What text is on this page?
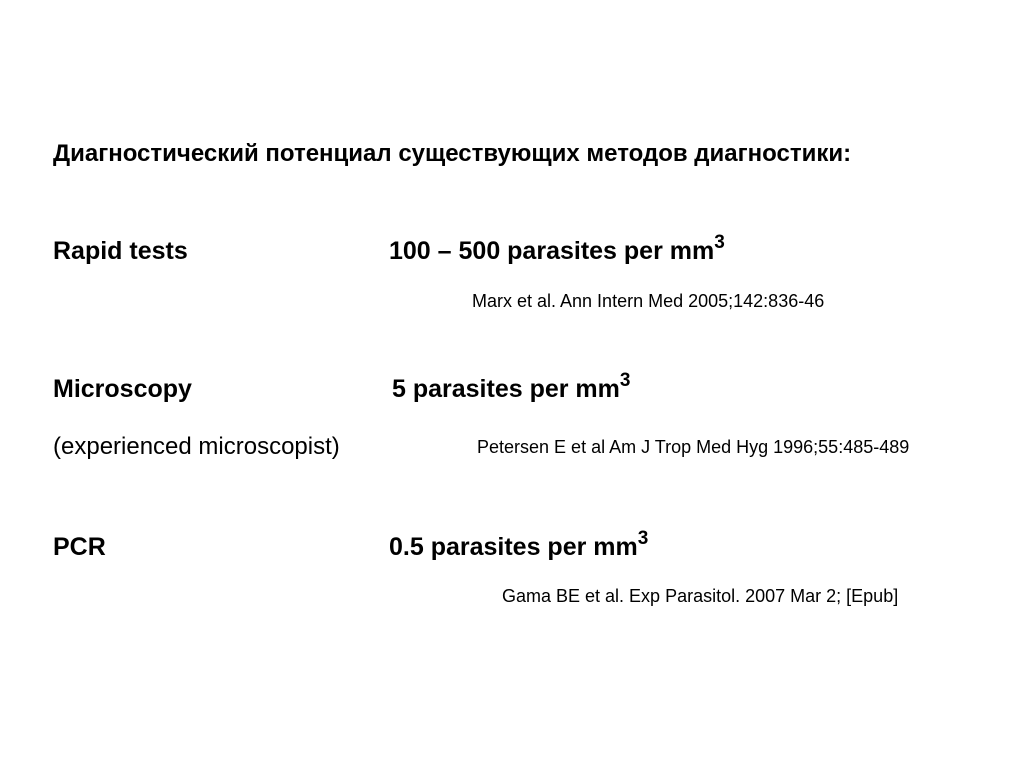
Диагностический потенциал существующих методов диагностики:
Rapid tests	100 – 500 parasites per $mm^3$
Marx et al. Ann Intern Med 2005;142:836-46
Microscopy	5 parasites per $mm^3$
(experienced microscopist)	Petersen E et al Am J Trop Med Hyg 1996;55:485-489
PCR	0.5 parasites per $mm^3$
Gama BE et al. Exp Parasitol. 2007 Mar 2; [Epub]
